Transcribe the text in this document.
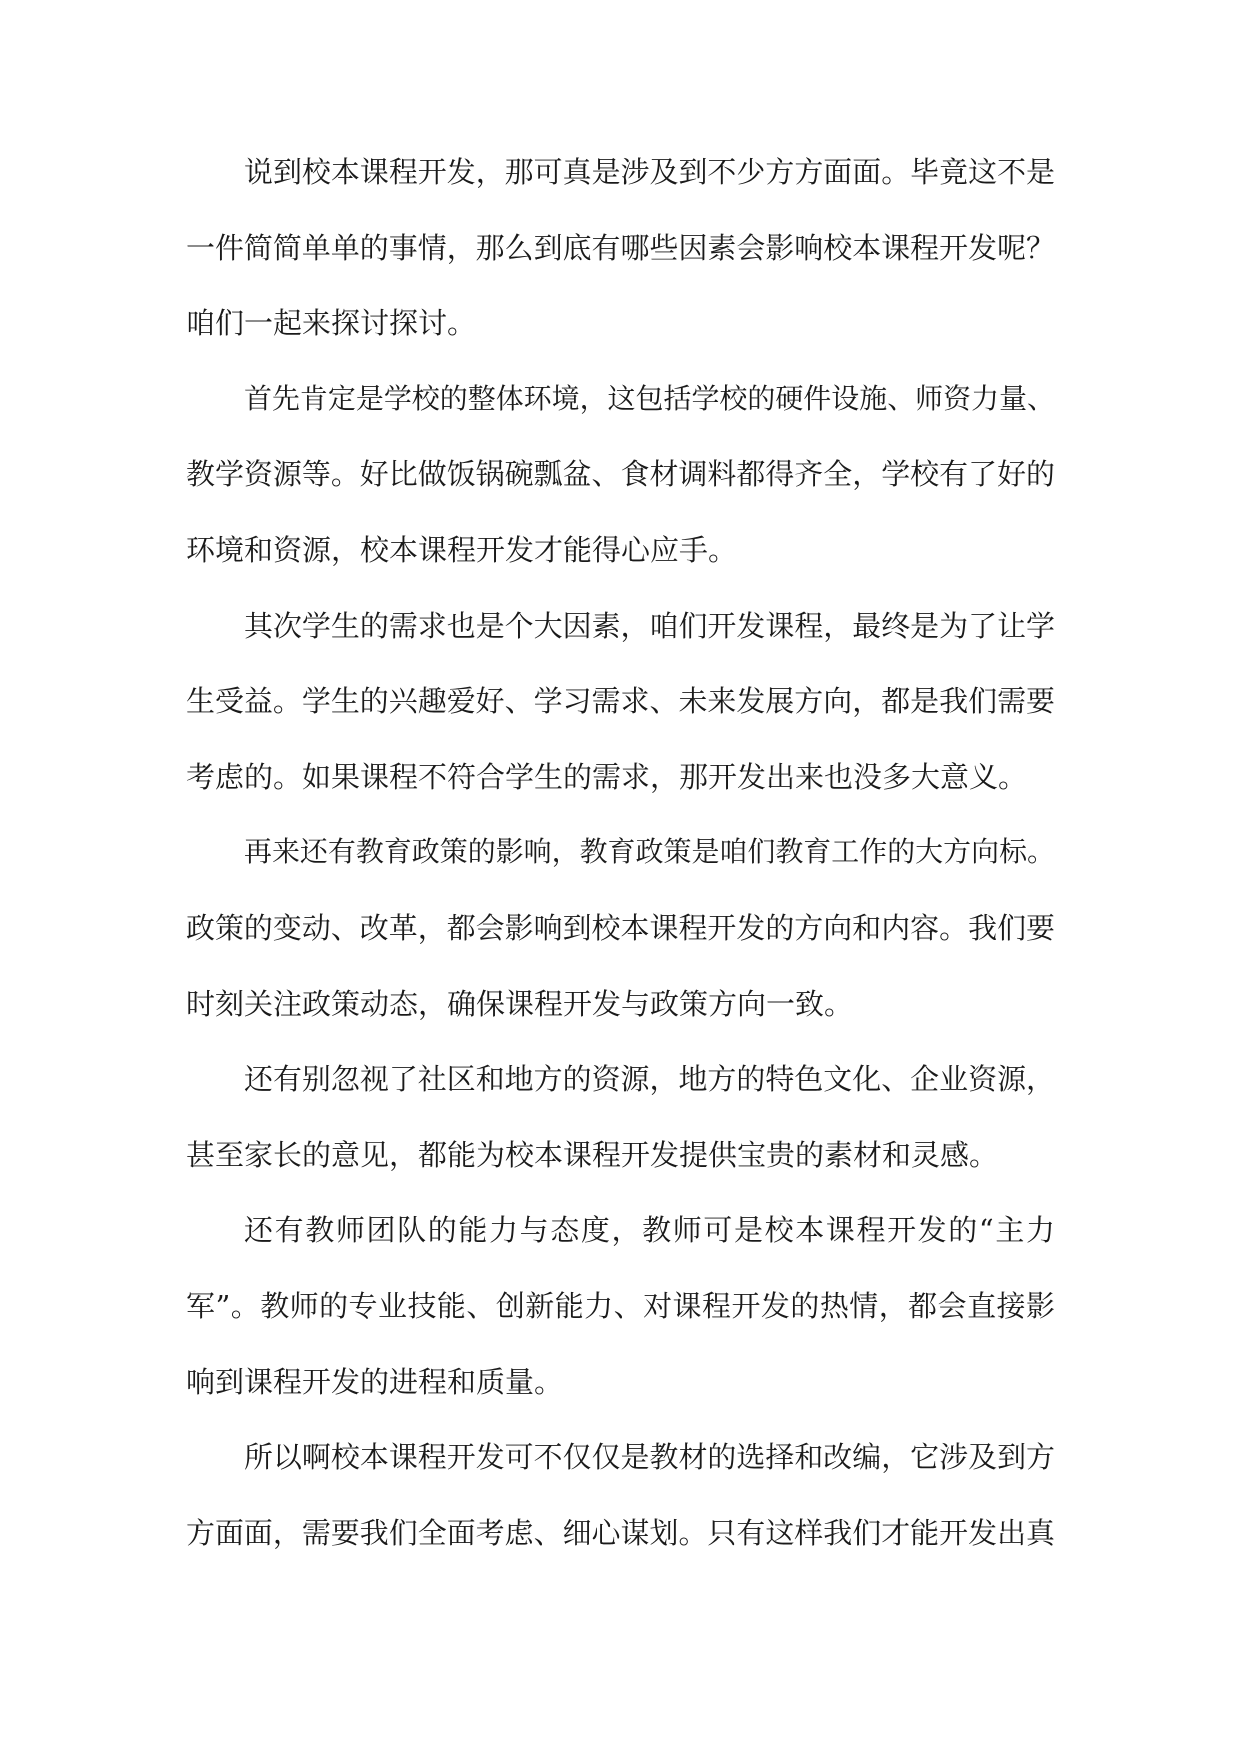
说到校本课程开发，那可真是涉及到不少方方面面。毕竟这不是
一件简简单单的事情，那么到底有哪些因素会影响校本课程开发呢？
咱们一起来探讨探讨。
首先肯定是学校的整体环境，这包括学校的硬件设施、师资力量、
教学资源等。好比做饭锅碗瓢盆、食材调料都得齐全，学校有了好的
环境和资源，校本课程开发才能得心应手。
其次学生的需求也是个大因素，咱们开发课程，最终是为了让学
生受益。学生的兴趣爱好、学习需求、未来发展方向，都是我们需要
考虑的。如果课程不符合学生的需求，那开发出来也没多大意义。
再来还有教育政策的影响，教育政策是咱们教育工作的大方向标。
政策的变动、改革，都会影响到校本课程开发的方向和内容。我们要
时刻关注政策动态，确保课程开发与政策方向一致。
还有别忽视了社区和地方的资源，地方的特色文化、企业资源，
甚至家长的意见，都能为校本课程开发提供宝贵的素材和灵感。
还有教师团队的能力与态度，教师可是校本课程开发的“主力
军”。教师的专业技能、创新能力、对课程开发的热情，都会直接影
响到课程开发的进程和质量。
所以啊校本课程开发可不仅仅是教材的选择和改编，它涉及到方
方面面，需要我们全面考虑、细心谋划。只有这样我们才能开发出真
